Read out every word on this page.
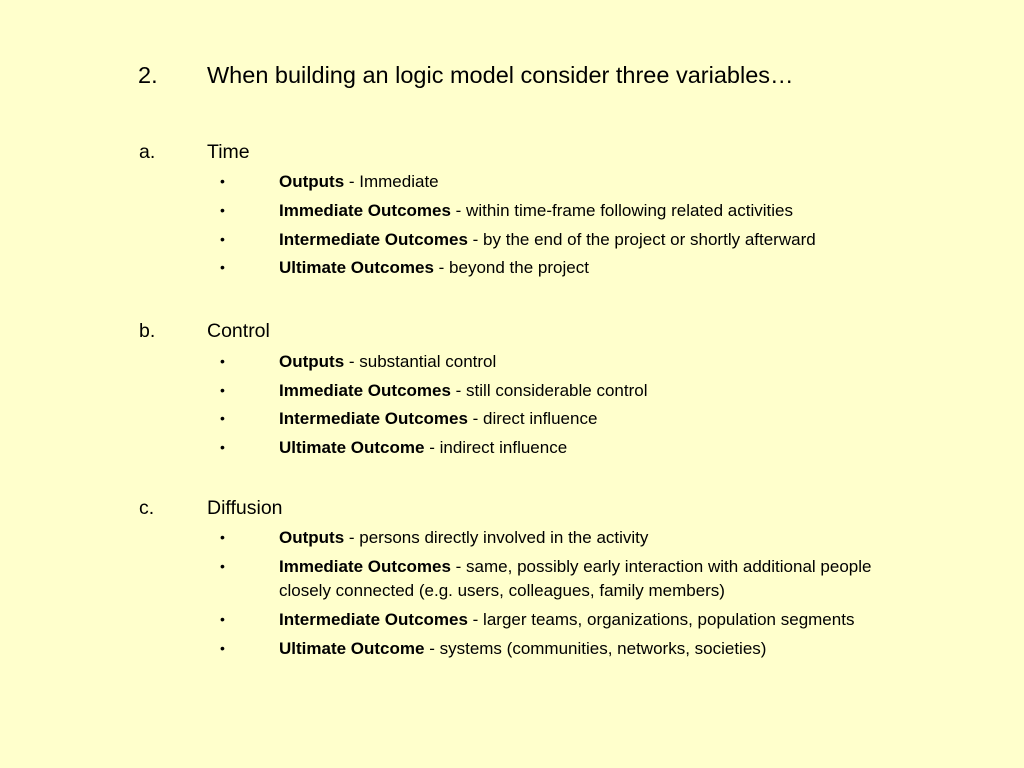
2. When building an logic model consider three variables…
a.	Time
•	Outputs - Immediate
•	Immediate Outcomes - within time-frame following related activities
•	Intermediate Outcomes - by the end of the project or shortly afterward
•	Ultimate Outcomes - beyond the project
b.	Control
•	Outputs - substantial control
•	Immediate Outcomes - still considerable control
•	Intermediate Outcomes - direct influence
•	Ultimate Outcome - indirect influence
c.	Diffusion
•	Outputs - persons directly involved in the activity
•	Immediate Outcomes - same, possibly early interaction with additional people closely connected (e.g. users, colleagues, family members)
•	Intermediate Outcomes - larger teams, organizations, population segments
•	Ultimate Outcome - systems (communities, networks, societies)
